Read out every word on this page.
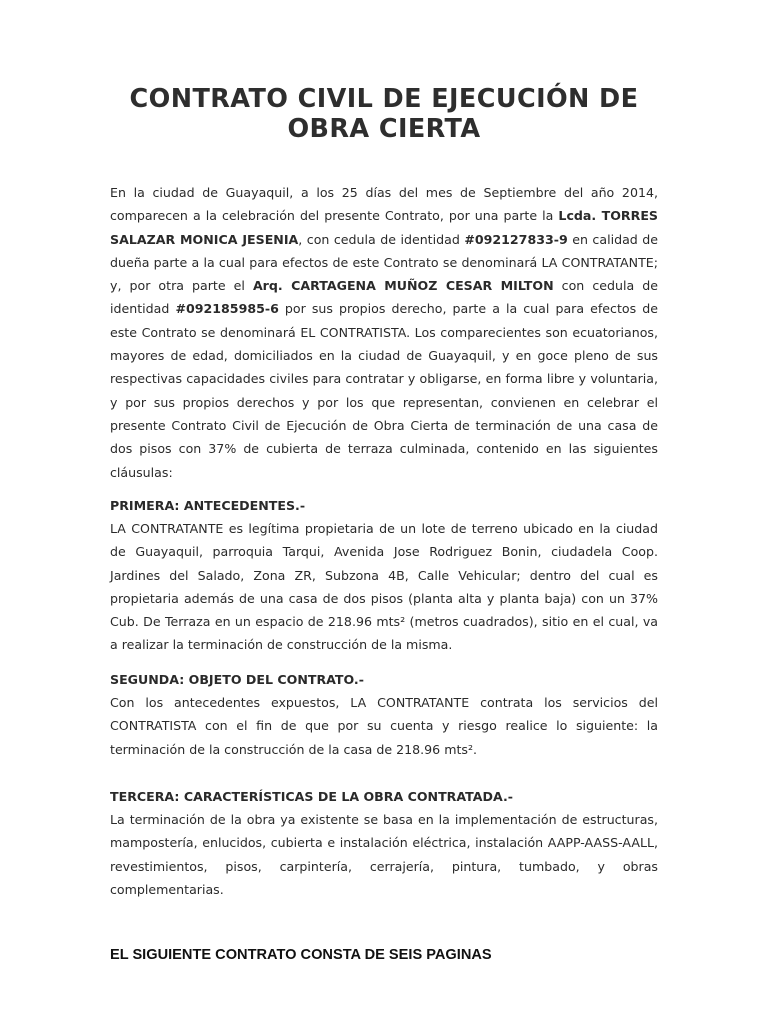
CONTRATO CIVIL DE EJECUCIÓN DE OBRA CIERTA

En la ciudad de Guayaquil, a los 25 días del mes de Septiembre del año 2014, comparecen a la celebración del presente Contrato, por una parte la Lcda. TORRES SALAZAR MONICA JESENIA, con cedula de identidad #092127833-9 en calidad de dueña parte a la cual para efectos de este Contrato se denominará LA CONTRATANTE; y, por otra parte el Arq. CARTAGENA MUÑOZ CESAR MILTON con cedula de identidad #092185985-6 por sus propios derecho, parte a la cual para efectos de este Contrato se denominará EL CONTRATISTA. Los comparecientes son ecuatorianos, mayores de edad, domiciliados en la ciudad de Guayaquil, y en goce pleno de sus respectivas capacidades civiles para contratar y obligarse, en forma libre y voluntaria, y por sus propios derechos y por los que representan, convienen en celebrar el presente Contrato Civil de Ejecución de Obra Cierta de terminación de una casa de dos pisos con 37% de cubierta de terraza culminada, contenido en las siguientes cláusulas:

PRIMERA: ANTECEDENTES.-

LA CONTRATANTE es legítima propietaria de un lote de terreno ubicado en la ciudad de Guayaquil, parroquia Tarqui, Avenida Jose Rodriguez Bonin, ciudadela Coop. Jardines del Salado, Zona ZR, Subzona 4B, Calle Vehicular; dentro del cual es propietaria además de una casa de dos pisos (planta alta y planta baja) con un 37% Cub. De Terraza en un espacio de 218.96 mts² (metros cuadrados), sitio en el cual, va a realizar la terminación de construcción de la misma.

SEGUNDA: OBJETO DEL CONTRATO.-

Con los antecedentes expuestos, LA CONTRATANTE contrata los servicios del CONTRATISTA con el fin de que por su cuenta y riesgo realice lo siguiente: la terminación de la construcción de la casa de 218.96 mts².

TERCERA: CARACTERÍSTICAS DE LA OBRA CONTRATADA.-

La terminación de la obra ya existente se basa en la implementación de estructuras, mampostería, enlucidos, cubierta e instalación eléctrica, instalación AAPP-AASS-AALL, revestimientos, pisos, carpintería, cerrajería, pintura, tumbado, y obras complementarias.

EL SIGUIENTE CONTRATO CONSTA DE SEIS PAGINAS
